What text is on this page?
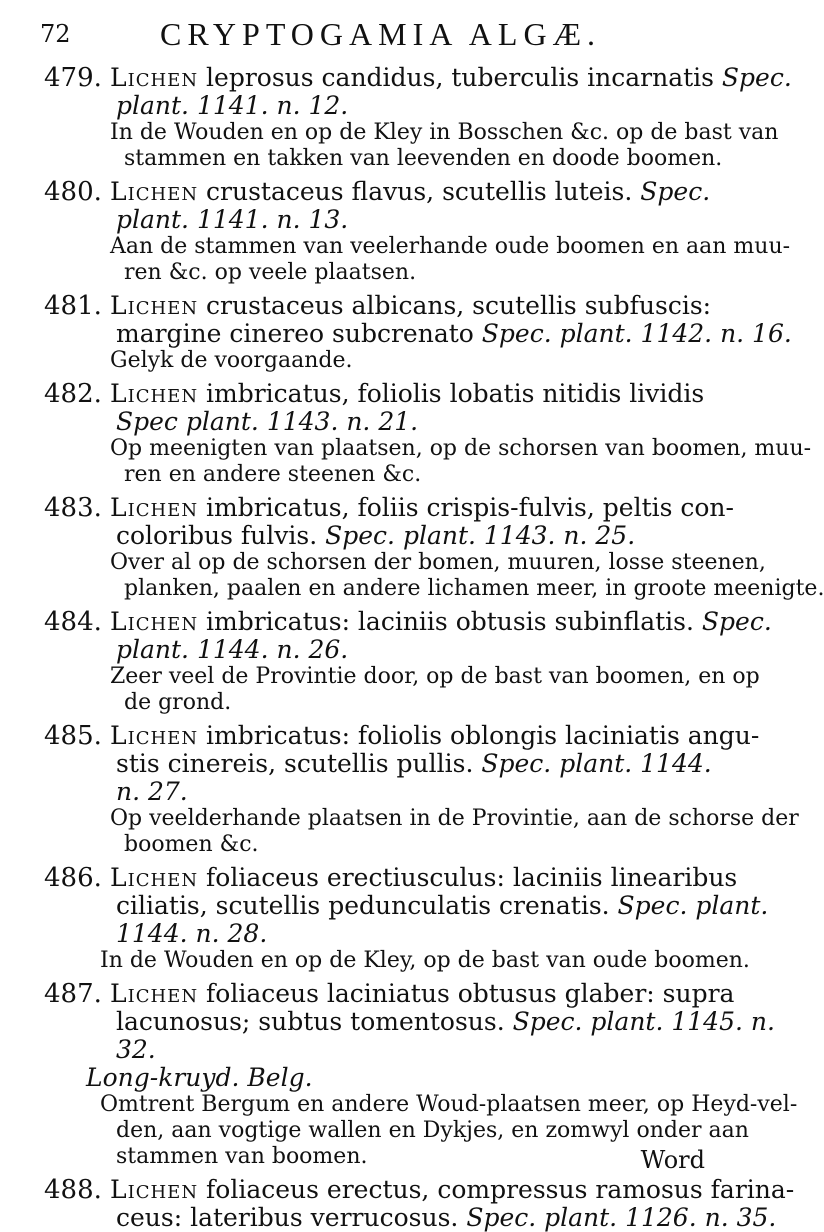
72	CRYPTOGAMIA ALGÆ.
479. Lichen leprosus candidus, tuberculis incarnatis Spec.
plant. 1141. n. 12.
In de Wouden en op de Kley in Bosschen &c. op de bast van
stammen en takken van leevenden en doode boomen.
480. Lichen crustaceus flavus, scutellis luteis. Spec.
plant. 1141. n. 13.
Aan de stammen van veelerhande oude boomen en aan muu-
ren &c. op veele plaatsen.
481. Lichen crustaceus albicans, scutellis subfuscis:
margine cinereo subcrenato Spec. plant. 1142. n. 16.
Gelyk de voorgaande.
482. Lichen imbricatus, foliolis lobatis nitidis lividis
Spec plant. 1143. n. 21.
Op meenigten van plaatsen, op de schorsen van boomen, muu-
ren en andere steenen &c.
483. Lichen imbricatus, foliis crispis-fulvis, peltis con-
coloribus fulvis. Spec. plant. 1143. n. 25.
Over al op de schorsen der bomen, muuren, losse steenen,
planken, paalen en andere lichamen meer, in groote meenigte.
484. Lichen imbricatus: laciniis obtusis subinflatis. Spec.
plant. 1144. n. 26.
Zeer veel de Provintie door, op de bast van boomen, en op
de grond.
485. Lichen imbricatus: foliolis oblongis laciniatis angu-
stis cinereis, scutellis pullis. Spec. plant. 1144.
n. 27.
Op veelderhande plaatsen in de Provintie, aan de schorse der
boomen &c.
486. Lichen foliaceus erectiusculus: laciniis linearibus
ciliatis, scutellis pedunculatis crenatis. Spec. plant.
1144. n. 28.
In de Wouden en op de Kley, op de bast van oude boomen.
487. Lichen foliaceus laciniatus obtusus glaber: supra
lacunosus; subtus tomentosus. Spec. plant. 1145. n.
32.
Long-kruyd. Belg.
Omtrent Bergum en andere Woud-plaatsen meer, op Heyd-vel-
den, aan vogtige wallen en Dykjes, en zomwyl onder aan
stammen van boomen.
488. Lichen foliaceus erectus, compressus ramosus farina-
ceus: lateribus verrucosus. Spec. plant. 1126. n. 35.
Word
